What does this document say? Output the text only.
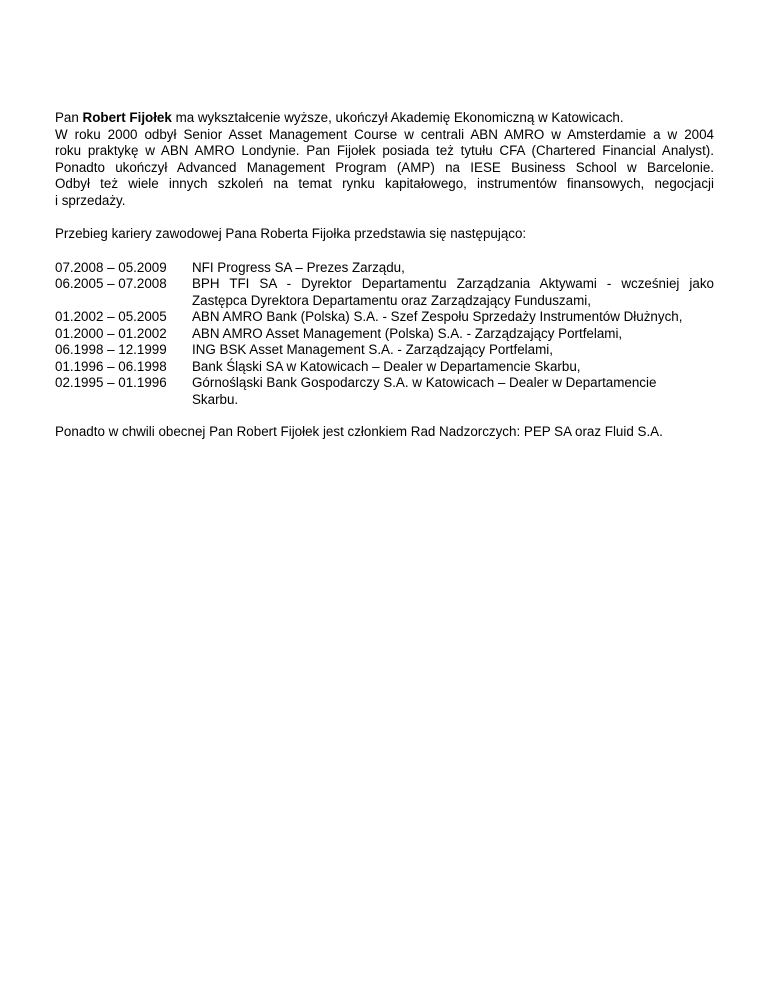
Pan Robert Fijołek ma wykształcenie wyższe, ukończył Akademię Ekonomiczną w Katowicach.
W roku 2000 odbył Senior Asset Management Course w centrali ABN AMRO w Amsterdamie a w 2004
roku praktykę w ABN AMRO Londynie. Pan Fijołek posiada też tytułu CFA (Chartered Financial Analyst).
Ponadto ukończył Advanced Management Program (AMP) na IESE Business School w Barcelonie.
Odbył też wiele innych szkoleń na temat rynku kapitałowego, instrumentów finansowych, negocjacji
i sprzedaży.
Przebieg kariery zawodowej Pana Roberta Fijołka przedstawia się następująco:
07.2008 – 05.2009	NFI Progress SA – Prezes Zarządu,
06.2005 – 07.2008	BPH TFI SA - Dyrektor Departamentu Zarządzania Aktywami - wcześniej jako
Zastępca Dyrektora Departamentu oraz Zarządzający Funduszami,
01.2002 – 05.2005	ABN AMRO Bank (Polska) S.A. - Szef Zespołu Sprzedaży Instrumentów Dłużnych,
01.2000 – 01.2002	ABN AMRO Asset Management (Polska) S.A. - Zarządzający Portfelami,
06.1998 – 12.1999	ING BSK Asset Management S.A. - Zarządzający Portfelami,
01.1996 – 06.1998	Bank Śląski SA w Katowicach – Dealer w Departamencie Skarbu,
02.1995 – 01.1996	Górnośląski Bank Gospodarczy S.A. w Katowicach – Dealer w Departamencie
Skarbu.
Ponadto w chwili obecnej Pan Robert Fijołek jest członkiem Rad Nadzorczych: PEP SA oraz Fluid S.A.
